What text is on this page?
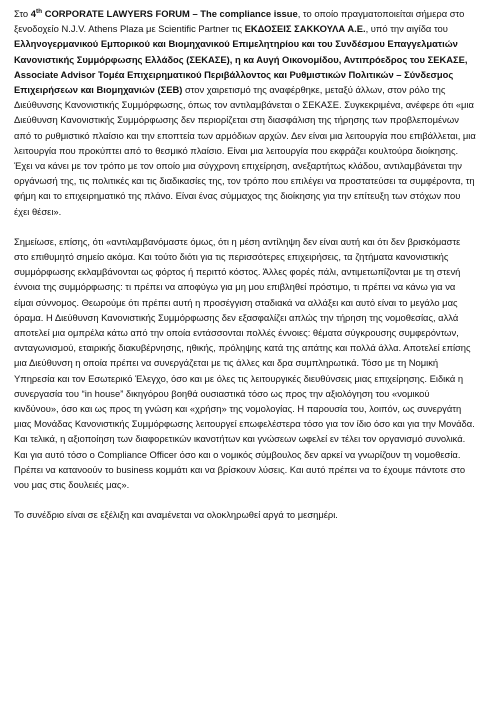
Στο 4th CORPORATE LAWYERS FORUM – The compliance issue, το οποίο πραγματοποιείται σήμερα στο ξενοδοχείο N.J.V. Athens Plaza με Scientific Partner τις ΕΚΔΟΣΕΙΣ ΣΑΚΚΟΥΛΑ Α.Ε., υπό την αιγίδα του Ελληνογερμανικού Εμπορικού και Βιομηχανικού Επιμελητηρίου και του Συνδέσμου Επαγγελματιών Κανονιστικής Συμμόρφωσης Ελλάδος (ΣΕΚΑΣΕ), η κα Αυγή Οικονομίδου, Αντιπρόεδρος του ΣΕΚΑΣΕ, Associate Advisor Τομέα Επιχειρηματικού Περιβάλλοντος και Ρυθμιστικών Πολιτικών – Σύνδεσμος Επιχειρήσεων και Βιομηχανιών (ΣΕΒ) στον χαιρετισμό της αναφέρθηκε, μεταξύ άλλων, στον ρόλο της Διεύθυνσης Κανονιστικής Συμμόρφωσης, όπως τον αντιλαμβάνεται ο ΣΕΚΑΣΕ. Συγκεκριμένα, ανέφερε ότι «μια Διεύθυνση Κανονιστικής Συμμόρφωσης δεν περιορίζεται στη διασφάλιση της τήρησης των προβλεπομένων από το ρυθμιστικό πλαίσιο και την εποπτεία των αρμόδιων αρχών. Δεν είναι μια λειτουργία που επιβάλλεται, μια λειτουργία που προκύπτει από το θεσμικό πλαίσιο. Είναι μια λειτουργία που εκφράζει κουλτούρα διοίκησης. Έχει να κάνει με τον τρόπο με τον οποίο μια σύγχρονη επιχείρηση, ανεξαρτήτως κλάδου, αντιλαμβάνεται την οργάνωσή της, τις πολιτικές και τις διαδικασίες της, τον τρόπο που επιλέγει να προστατεύσει τα συμφέροντα, τη φήμη και το επιχειρηματικό της πλάνο. Είναι ένας σύμμαχος της διοίκησης για την επίτευξη των στόχων που έχει θέσει».

Σημείωσε, επίσης, ότι «αντιλαμβανόμαστε όμως, ότι η μέση αντίληψη δεν είναι αυτή και ότι δεν βρισκόμαστε στο επιθυμητό σημείο ακόμα. Και τούτο διότι για τις περισσότερες επιχειρήσεις, τα ζητήματα κανονιστικής συμμόρφωσης εκλαμβάνονται ως φόρτος ή περιττό κόστος. Άλλες φορές πάλι, αντιμετωπίζονται με τη στενή έννοια της συμμόρφωσης: τι πρέπει να αποφύγω για μη μου επιβληθεί πρόστιμο, τι πρέπει να κάνω για να είμαι σύννομος. Θεωρούμε ότι πρέπει αυτή η προσέγγιση σταδιακά να αλλάξει και αυτό είναι το μεγάλο μας όραμα. Η Διεύθυνση Κανονιστικής Συμμόρφωσης δεν εξασφαλίζει απλώς την τήρηση της νομοθεσίας, αλλά αποτελεί μια ομπρέλα κάτω από την οποία εντάσσονται πολλές έννοιες: θέματα σύγκρουσης συμφερόντων, ανταγωνισμού, εταιρικής διακυβέρνησης, ηθικής, πρόληψης κατά της απάτης και πολλά άλλα. Αποτελεί επίσης μια Διεύθυνση η οποία πρέπει να συνεργάζεται με τις άλλες και δρα συμπληρωτικά. Τόσο με τη Νομική Υπηρεσία και τον Εσωτερικό Έλεγχο, όσο και με όλες τις λειτουργικές διευθύνσεις μιας επιχείρησης. Ειδικά η συνεργασία του “in house” δικηγόρου βοηθά ουσιαστικά τόσο ως προς την αξιολόγηση του «νομικού κινδύνου», όσο και ως προς τη γνώση και «χρήση» της νομολογίας. Η παρουσία του, λοιπόν, ως συνεργάτη μιας Μονάδας Κανονιστικής Συμμόρφωσης λειτουργεί επωφελέστερα τόσο για τον ίδιο όσο και για την Μονάδα. Και τελικά, η αξιοποίηση των διαφορετικών ικανοτήτων και γνώσεων ωφελεί εν τέλει τον οργανισμό συνολικά. Και για αυτό τόσο ο Compliance Officer όσο και ο νομικός σύμβουλος δεν αρκεί να γνωρίζουν τη νομοθεσία. Πρέπει να κατανοούν το business κομμάτι και να βρίσκουν λύσεις. Και αυτό πρέπει να το έχουμε πάντοτε στο νου μας στις δουλειές μας».

Το συνέδριο είναι σε εξέλιξη και αναμένεται να ολοκληρωθεί αργά το μεσημέρι.
